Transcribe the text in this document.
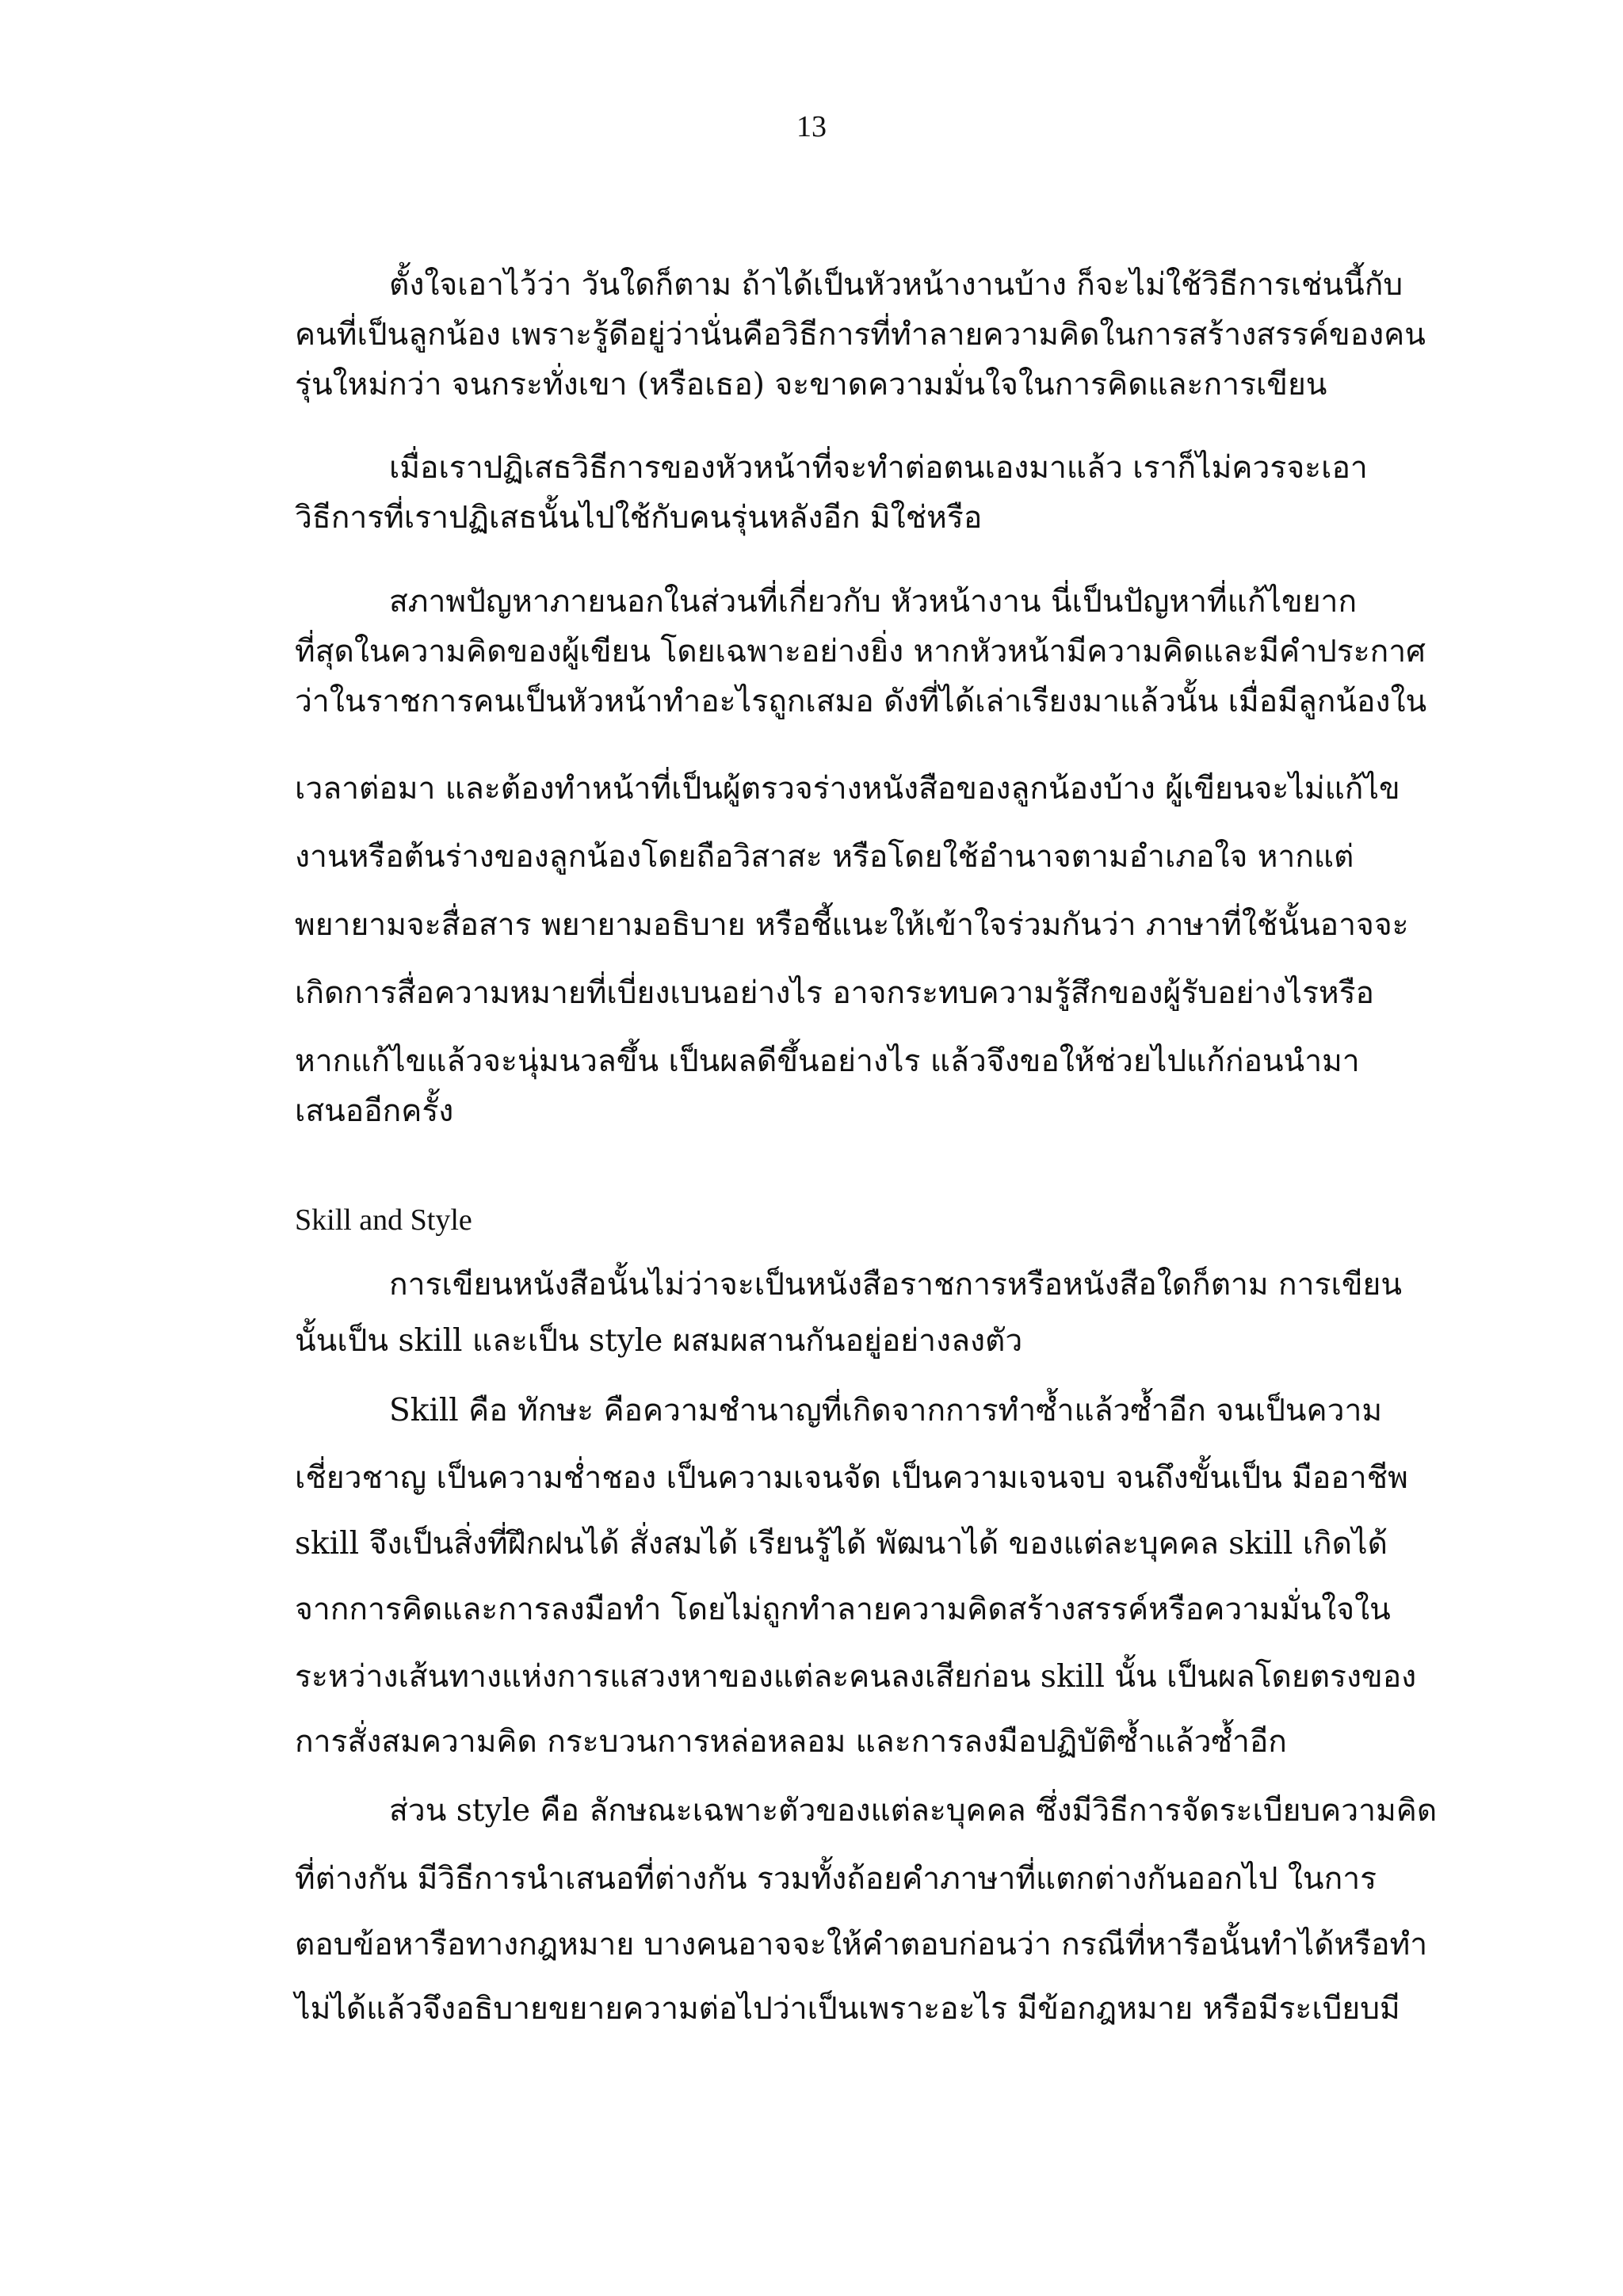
13
ตั้งใจเอาไว้ว่า วันใดก็ตาม ถ้าได้เป็นหัวหน้างานบ้าง ก็จะไม่ใช้วิธีการเช่นนี้กับ
คนที่เป็นลูกน้อง เพราะรู้ดีอยู่ว่านั่นคือวิธีการที่ทำลายความคิดในการสร้างสรรค์ของคน
รุ่นใหม่กว่า จนกระทั่งเขา (หรือเธอ) จะขาดความมั่นใจในการคิดและการเขียน
เมื่อเราปฏิเสธวิธีการของหัวหน้าที่จะทำต่อตนเองมาแล้ว เราก็ไม่ควรจะเอา
วิธีการที่เราปฏิเสธนั้นไปใช้กับคนรุ่นหลังอีก มิใช่หรือ
สภาพปัญหาภายนอกในส่วนที่เกี่ยวกับ หัวหน้างาน นี่เป็นปัญหาที่แก้ไขยาก
ที่สุดในความคิดของผู้เขียน โดยเฉพาะอย่างยิ่ง หากหัวหน้ามีความคิดและมีคำประกาศ
ว่าในราชการคนเป็นหัวหน้าทำอะไรถูกเสมอ ดังที่ได้เล่าเรียงมาแล้วนั้น เมื่อมีลูกน้องใน
เวลาต่อมา และต้องทำหน้าที่เป็นผู้ตรวจร่างหนังสือของลูกน้องบ้าง ผู้เขียนจะไม่แก้ไข
งานหรือต้นร่างของลูกน้องโดยถือวิสาสะ หรือโดยใช้อำนาจตามอำเภอใจ หากแต่
พยายามจะสื่อสาร พยายามอธิบาย หรือชี้แนะให้เข้าใจร่วมกันว่า ภาษาที่ใช้นั้นอาจจะ
เกิดการสื่อความหมายที่เบี่ยงเบนอย่างไร อาจกระทบความรู้สึกของผู้รับอย่างไรหรือ
หากแก้ไขแล้วจะนุ่มนวลขึ้น เป็นผลดีขึ้นอย่างไร แล้วจึงขอให้ช่วยไปแก้ก่อนนำมา
เสนออีกครั้ง
Skill and Style
การเขียนหนังสือนั้นไม่ว่าจะเป็นหนังสือราชการหรือหนังสือใดก็ตาม การเขียน
นั้นเป็น skill และเป็น style ผสมผสานกันอยู่อย่างลงตัว
Skill คือ ทักษะ คือความชำนาญที่เกิดจากการทำซ้ำแล้วซ้ำอีก จนเป็นความ
เชี่ยวชาญ เป็นความช่ำชอง เป็นความเจนจัด เป็นความเจนจบ จนถึงขั้นเป็น มืออาชีพ
skill จึงเป็นสิ่งที่ฝึกฝนได้ สั่งสมได้ เรียนรู้ได้ พัฒนาได้ ของแต่ละบุคคล skill เกิดได้
จากการคิดและการลงมือทำ โดยไม่ถูกทำลายความคิดสร้างสรรค์หรือความมั่นใจใน
ระหว่างเส้นทางแห่งการแสวงหาของแต่ละคนลงเสียก่อน skill นั้น เป็นผลโดยตรงของ
การสั่งสมความคิด กระบวนการหล่อหลอม และการลงมือปฏิบัติซ้ำแล้วซ้ำอีก
ส่วน style คือ ลักษณะเฉพาะตัวของแต่ละบุคคล ซึ่งมีวิธีการจัดระเบียบความคิด
ที่ต่างกัน มีวิธีการนำเสนอที่ต่างกัน รวมทั้งถ้อยคำภาษาที่แตกต่างกันออกไป ในการ
ตอบข้อหารือทางกฎหมาย บางคนอาจจะให้คำตอบก่อนว่า กรณีที่หารือนั้นทำได้หรือทำ
ไม่ได้แล้วจึงอธิบายขยายความต่อไปว่าเป็นเพราะอะไร มีข้อกฎหมาย หรือมีระเบียบมี
